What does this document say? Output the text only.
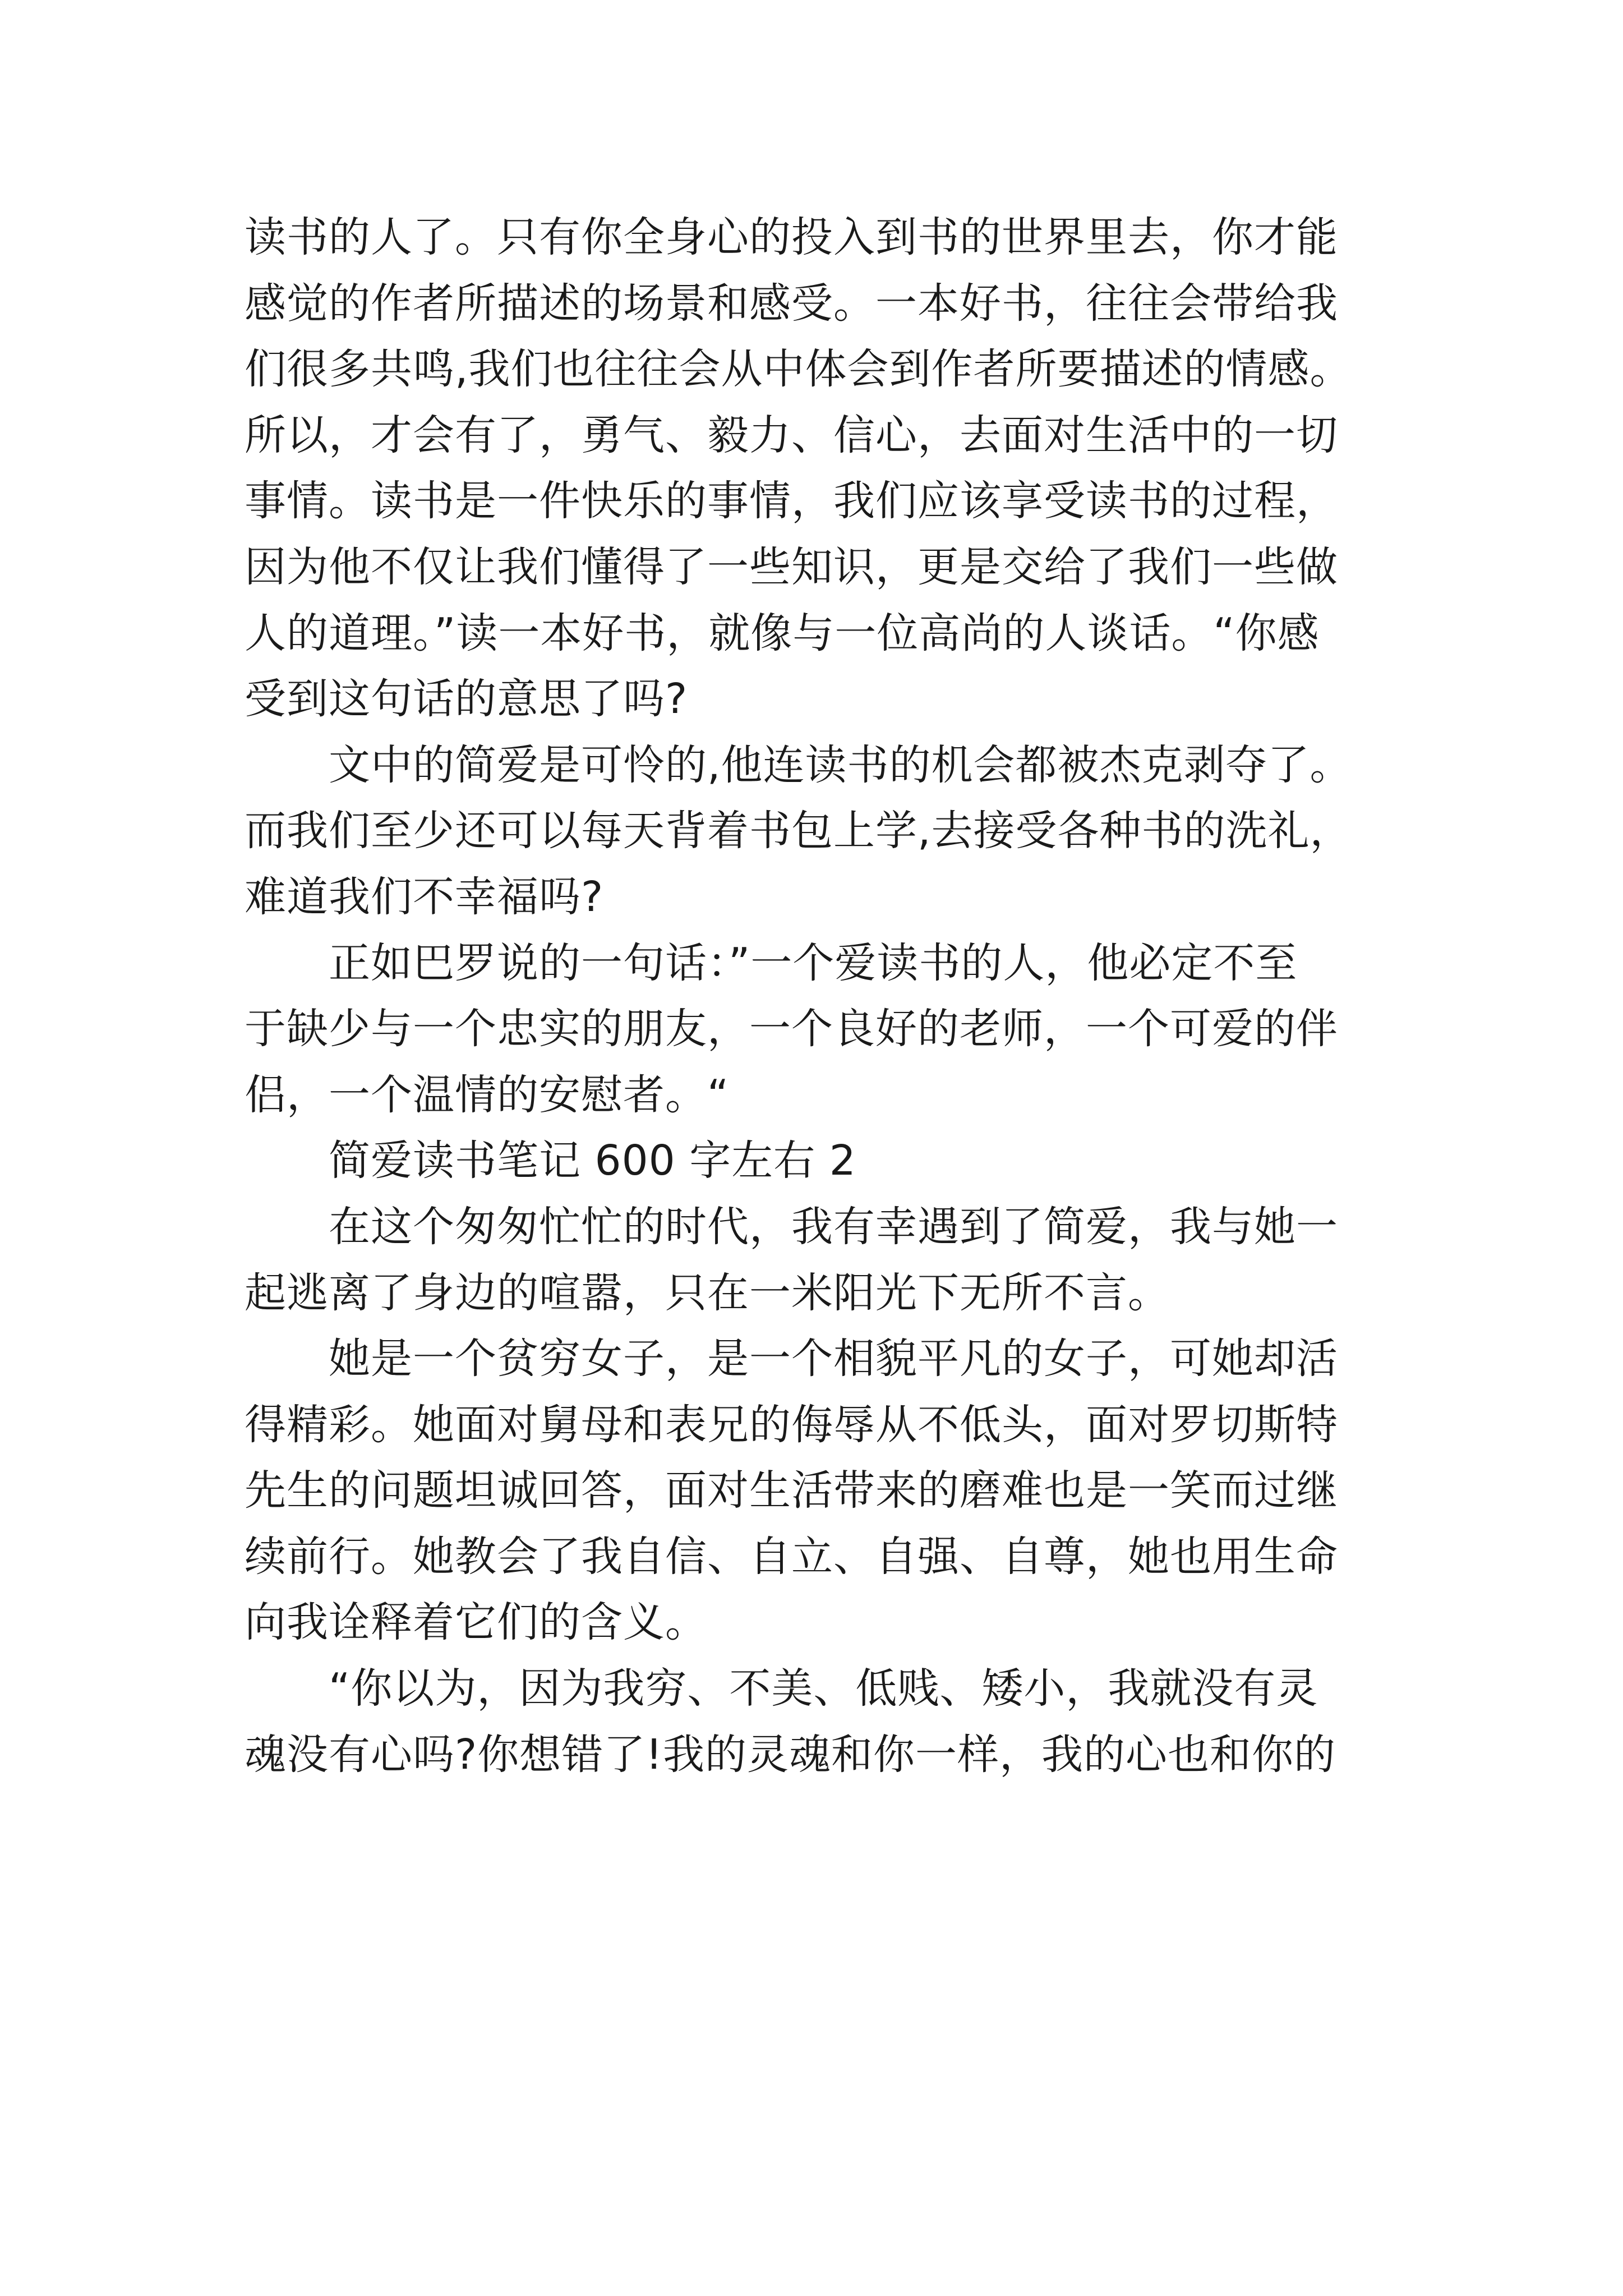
读书的人了。只有你全身心的投入到书的世界里去，你才能
感觉的作者所描述的场景和感受。一本好书，往往会带给我
们很多共鸣,我们也往往会从中体会到作者所要描述的情感。
所以，才会有了，勇气、毅力、信心，去面对生活中的一切
事情。读书是一件快乐的事情，我们应该享受读书的过程，
因为他不仅让我们懂得了一些知识，更是交给了我们一些做
人的道理。”读一本好书，就像与一位高尚的人谈话。“你感
受到这句话的意思了吗?
文中的简爱是可怜的,他连读书的机会都被杰克剥夺了。
而我们至少还可以每天背着书包上学,去接受各种书的洗礼，
难道我们不幸福吗?
正如巴罗说的一句话：”一个爱读书的人，他必定不至
于缺少与一个忠实的朋友，一个良好的老师，一个可爱的伴
侣，一个温情的安慰者。“
简爱读书笔记 600 字左右 2
在这个匆匆忙忙的时代，我有幸遇到了简爱，我与她一
起逃离了身边的喧嚣，只在一米阳光下无所不言。
她是一个贫穷女子，是一个相貌平凡的女子，可她却活
得精彩。她面对舅母和表兄的侮辱从不低头，面对罗切斯特
先生的问题坦诚回答，面对生活带来的磨难也是一笑而过继
续前行。她教会了我自信、自立、自强、自尊，她也用生命
向我诠释着它们的含义。
“你以为，因为我穷、不美、低贱、矮小，我就没有灵
魂没有心吗?你想错了!我的灵魂和你一样，我的心也和你的
